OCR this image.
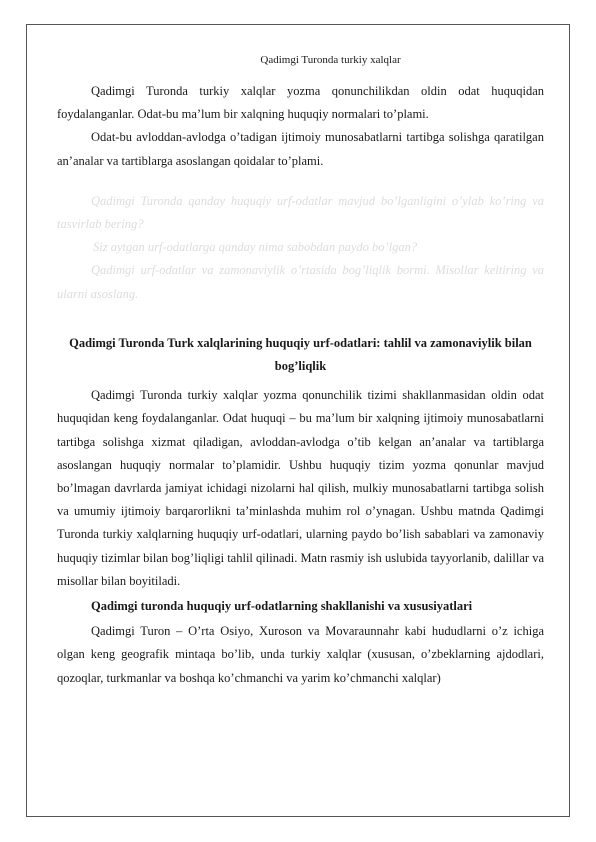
Qadimgi Turonda turkiy xalqlar

Qadimgi Turonda turkiy xalqlar yozma qonunchilikdan oldin odat huquqidan foydalanganlar. Odat-bu ma’lum bir xalqning huquqiy normalari to’plami.

Odat-bu avloddan-avlodga o’tadigan ijtimoiy munosabatlarni tartibga solishga qaratilgan an’analar va tartiblarga asoslangan qoidalar to’plami.

Qadimgi Turonda qanday huquqiy urf-odatlar mavjud bo’lganligini o’ylab ko’ring va tasvirlab bering?

Siz aytgan urf-odatlarga qanday nima sabobdan paydo bo’lgan?

Qadimgi urf-odatlar va zamonaviylik o’rtasida bog’liqlik bormi. Misollar keltiring va ularni asoslang.

Qadimgi Turonda Turk xalqlarining huquqiy urf-odatlari: tahlil va zamonaviylik bilan bog’liqlik

Qadimgi Turonda turkiy xalqlar yozma qonunchilik tizimi shakllanmasidan oldin odat huquqidan keng foydalanganlar. Odat huquqi – bu ma’lum bir xalqning ijtimoiy munosabatlarni tartibga solishga xizmat qiladigan, avloddan-avlodga o’tib kelgan an’analar va tartiblarga asoslangan huquqiy normalar to’plamidir. Ushbu huquqiy tizim yozma qonunlar mavjud bo’lmagan davrlarda jamiyat ichidagi nizolarni hal qilish, mulkiy munosabatlarni tartibga solish va umumiy ijtimoiy barqarorlikni ta’minlashda muhim rol o’ynagan. Ushbu matnda Qadimgi Turonda turkiy xalqlarning huquqiy urf-odatlari, ularning paydo bo’lish sabablari va zamonaviy huquqiy tizimlar bilan bog’liqligi tahlil qilinadi. Matn rasmiy ish uslubida tayyorlanib, dalillar va misollar bilan boyitiladi.

Qadimgi turonda huquqiy urf-odatlarning shakllanishi va xususiyatlari

Qadimgi Turon – O’rta Osiyo, Xuroson va Movaraunnahr kabi hududlarni o’z ichiga olgan keng geografik mintaqa bo’lib, unda turkiy xalqlar (xususan, o’zbeklarning ajdodlari, qozoqlar, turkmanlar va boshqa ko’chmanchi va yarim ko’chmanchi xalqlar)
